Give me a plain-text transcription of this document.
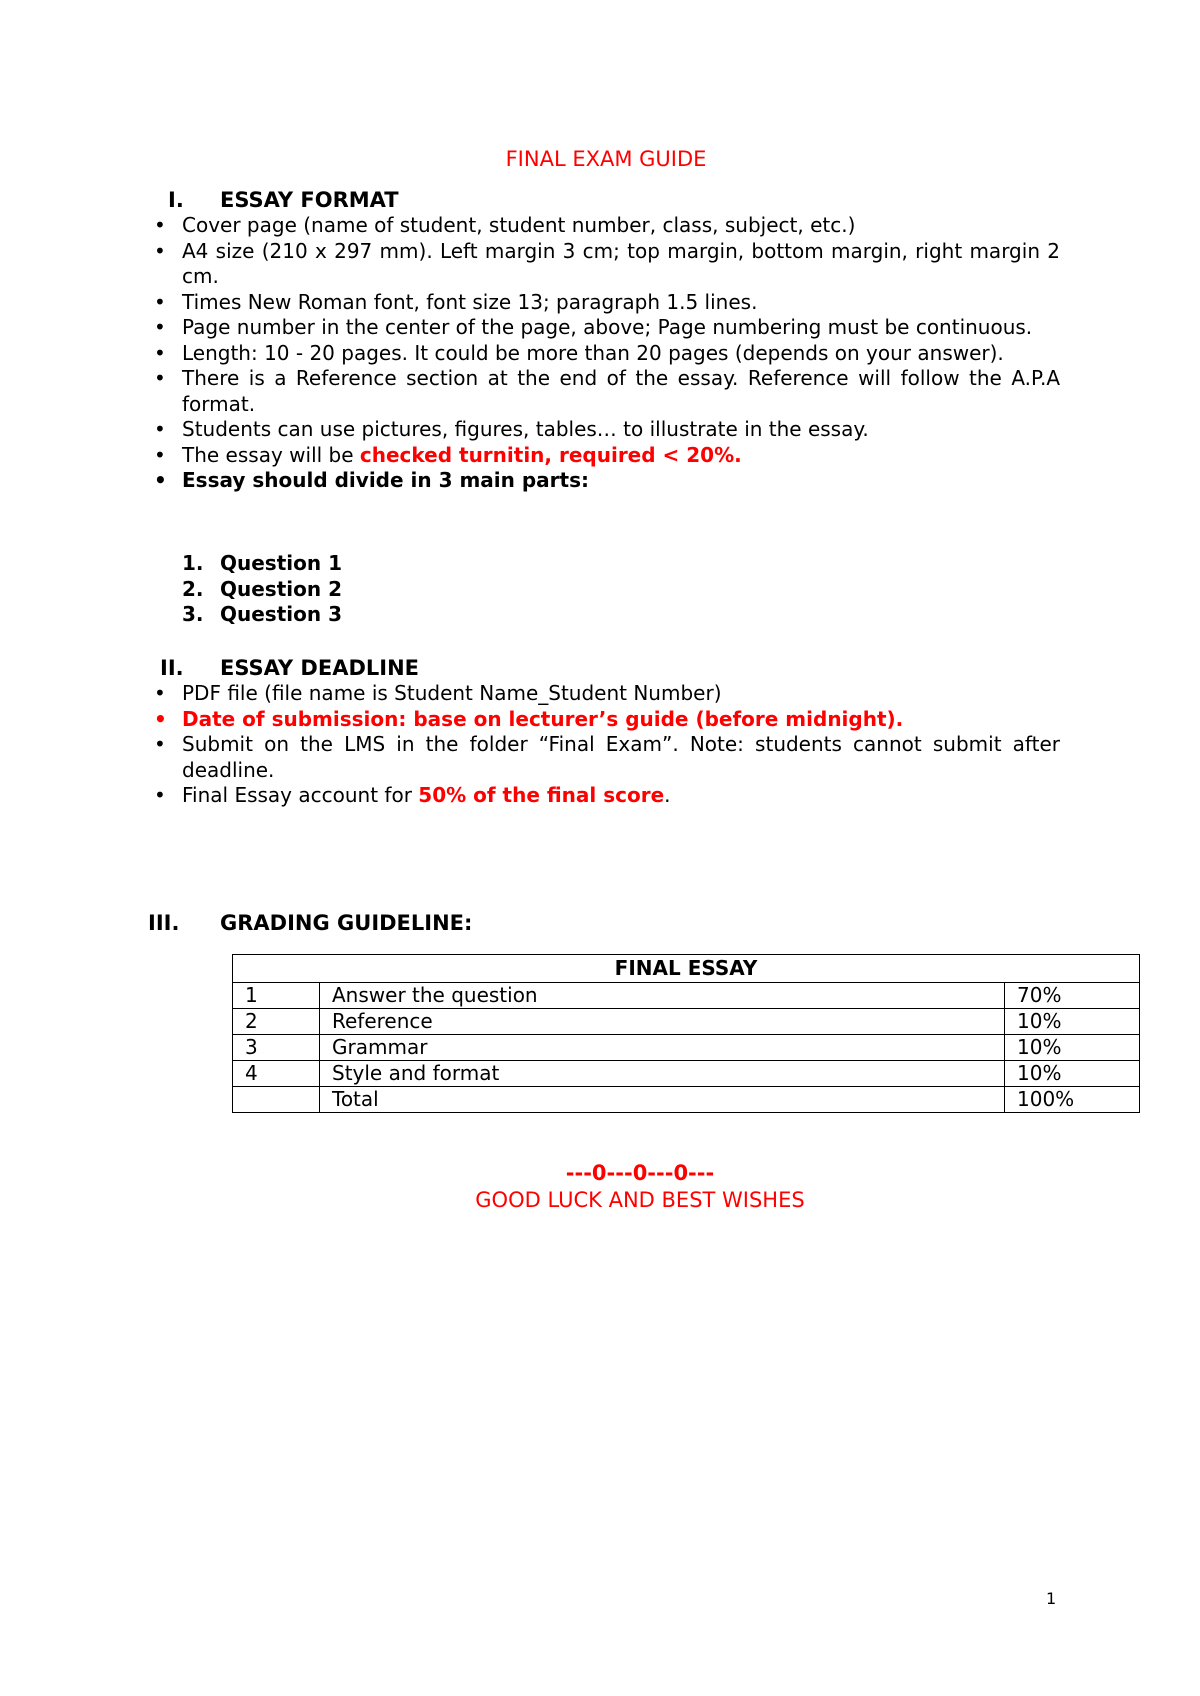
FINAL EXAM GUIDE
I. ESSAY FORMAT
• Cover page (name of student, student number, class, subject, etc.)
• A4 size (210 x 297 mm). Left margin 3 cm; top margin, bottom margin, right margin 2 cm.
• Times New Roman font, font size 13; paragraph 1.5 lines.
• Page number in the center of the page, above; Page numbering must be continuous.
• Length: 10 - 20 pages. It could be more than 20 pages (depends on your answer).
• There is a Reference section at the end of the essay. Reference will follow the A.P.A format.
• Students can use pictures, figures, tables… to illustrate in the essay.
• The essay will be checked turnitin, required < 20%.
• Essay should divide in 3 main parts:
1. Question 1
2. Question 2
3. Question 3
II. ESSAY DEADLINE
• PDF file (file name is Student Name_Student Number)
• Date of submission: base on lecturer’s guide (before midnight).
• Submit on the LMS in the folder “Final Exam”. Note: students cannot submit after deadline.
• Final Essay account for 50% of the final score.
III. GRADING GUIDELINE:
FINAL ESSAY		
1	Answer the question	70%
2	Reference	10%
3	Grammar	10%
4	Style and format	10%
	Total	100%
---0---0---0---
GOOD LUCK AND BEST WISHES
1
